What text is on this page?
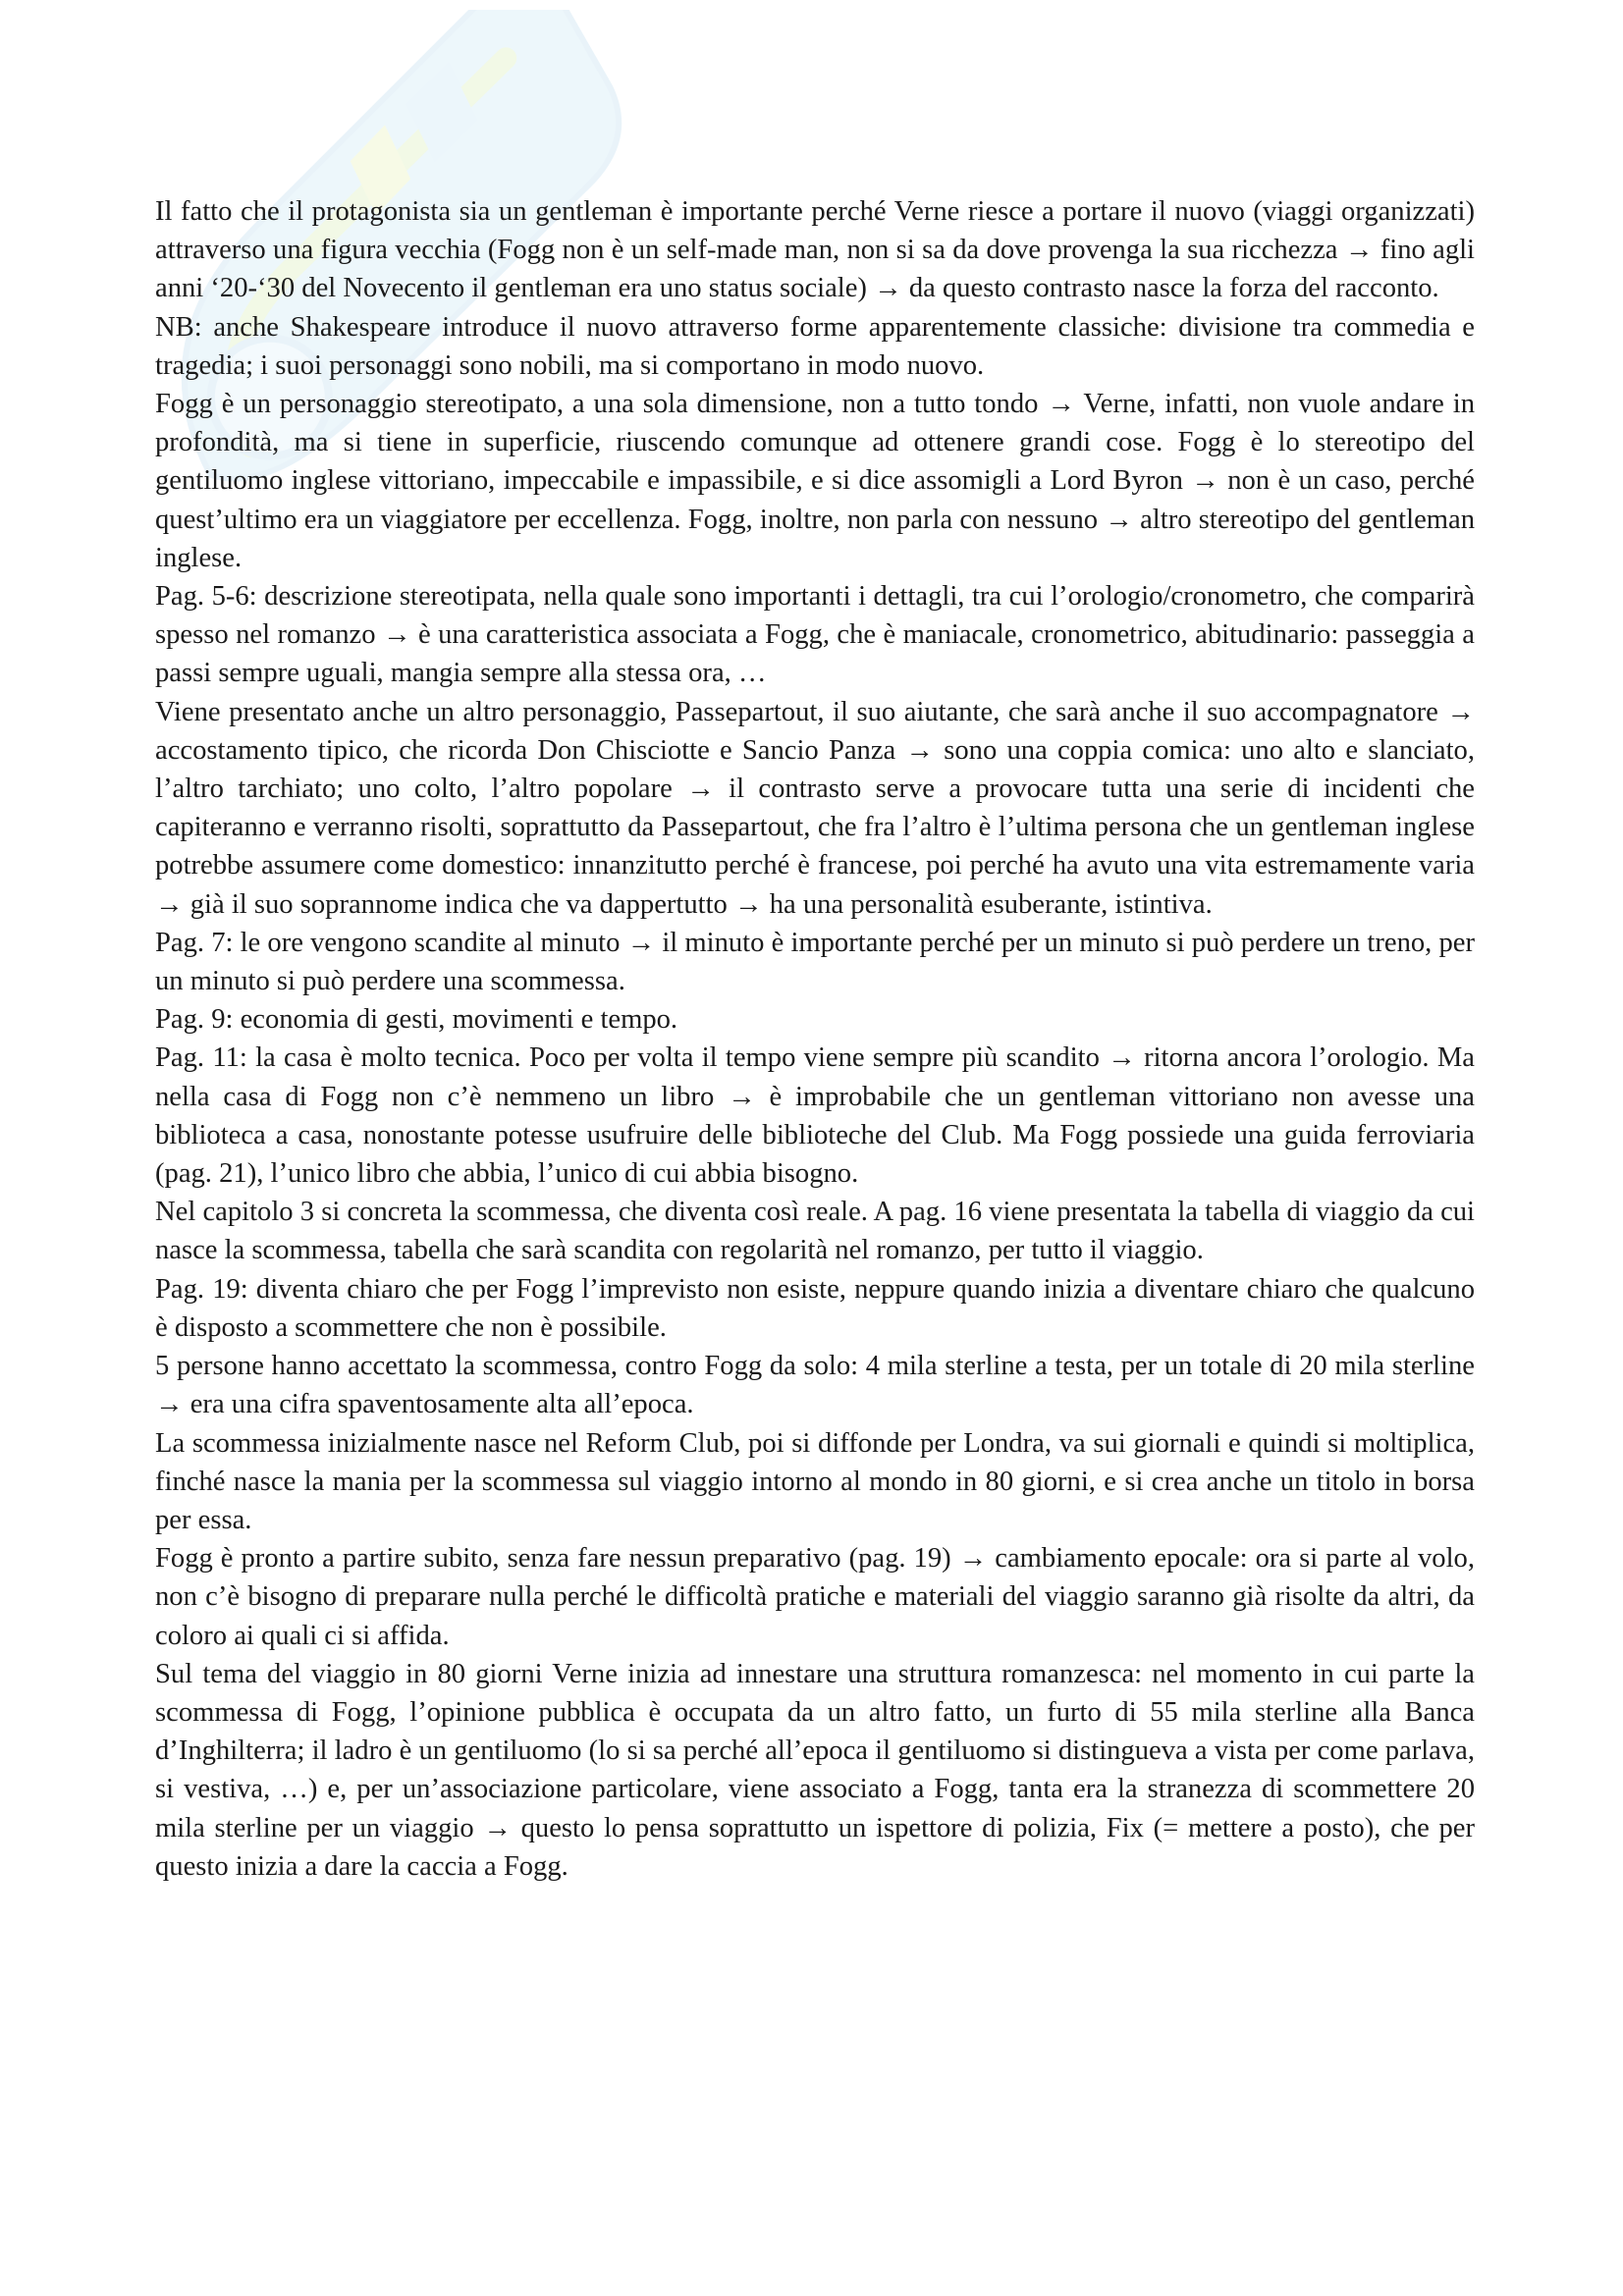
Il fatto che il protagonista sia un gentleman è importante perché Verne riesce a portare il nuovo (viaggi organizzati) attraverso una figura vecchia (Fogg non è un self-made man, non si sa da dove provenga la sua ricchezza → fino agli anni ‘20-‘30 del Novecento il gentleman era uno status sociale) → da questo contrasto nasce la forza del racconto.

NB: anche Shakespeare introduce il nuovo attraverso forme apparentemente classiche: divisione tra commedia e tragedia; i suoi personaggi sono nobili, ma si comportano in modo nuovo.

Fogg è un personaggio stereotipato, a una sola dimensione, non a tutto tondo → Verne, infatti, non vuole andare in profondità, ma si tiene in superficie, riuscendo comunque ad ottenere grandi cose. Fogg è lo stereotipo del gentiluomo inglese vittoriano, impeccabile e impassibile, e si dice assomigli a Lord Byron → non è un caso, perché quest’ultimo era un viaggiatore per eccellenza. Fogg, inoltre, non parla con nessuno → altro stereotipo del gentleman inglese.

Pag. 5-6: descrizione stereotipata, nella quale sono importanti i dettagli, tra cui l’orologio/cronometro, che comparirà spesso nel romanzo → è una caratteristica associata a Fogg, che è maniacale, cronometrico, abitudinario: passeggia a passi sempre uguali, mangia sempre alla stessa ora, …

Viene presentato anche un altro personaggio, Passepartout, il suo aiutante, che sarà anche il suo accompagnatore → accostamento tipico, che ricorda Don Chisciotte e Sancio Panza → sono una coppia comica: uno alto e slanciato, l’altro tarchiato; uno colto, l’altro popolare → il contrasto serve a provocare tutta una serie di incidenti che capiteranno e verranno risolti, soprattutto da Passepartout, che fra l’altro è l’ultima persona che un gentleman inglese potrebbe assumere come domestico: innanzitutto perché è francese, poi perché ha avuto una vita estremamente varia → già il suo soprannome indica che va dappertutto → ha una personalità esuberante, istintiva.

Pag. 7: le ore vengono scandite al minuto → il minuto è importante perché per un minuto si può perdere un treno, per un minuto si può perdere una scommessa.

Pag. 9: economia di gesti, movimenti e tempo.

Pag. 11: la casa è molto tecnica. Poco per volta il tempo viene sempre più scandito → ritorna ancora l’orologio. Ma nella casa di Fogg non c’è nemmeno un libro → è improbabile che un gentleman vittoriano non avesse una biblioteca a casa, nonostante potesse usufruire delle biblioteche del Club. Ma Fogg possiede una guida ferroviaria (pag. 21), l’unico libro che abbia, l’unico di cui abbia bisogno.

Nel capitolo 3 si concreta la scommessa, che diventa così reale. A pag. 16 viene presentata la tabella di viaggio da cui nasce la scommessa, tabella che sarà scandita con regolarità nel romanzo, per tutto il viaggio.

Pag. 19: diventa chiaro che per Fogg l’imprevisto non esiste, neppure quando inizia a diventare chiaro che qualcuno è disposto a scommettere che non è possibile.

5 persone hanno accettato la scommessa, contro Fogg da solo: 4 mila sterline a testa, per un totale di 20 mila sterline → era una cifra spaventosamente alta all’epoca.

La scommessa inizialmente nasce nel Reform Club, poi si diffonde per Londra, va sui giornali e quindi si moltiplica, finché nasce la mania per la scommessa sul viaggio intorno al mondo in 80 giorni, e si crea anche un titolo in borsa per essa.

Fogg è pronto a partire subito, senza fare nessun preparativo (pag. 19) → cambiamento epocale: ora si parte al volo, non c’è bisogno di preparare nulla perché le difficoltà pratiche e materiali del viaggio saranno già risolte da altri, da coloro ai quali ci si affida.

Sul tema del viaggio in 80 giorni Verne inizia ad innestare una struttura romanzesca: nel momento in cui parte la scommessa di Fogg, l’opinione pubblica è occupata da un altro fatto, un furto di 55 mila sterline alla Banca d’Inghilterra; il ladro è un gentiluomo (lo si sa perché all’epoca il gentiluomo si distingueva a vista per come parlava, si vestiva, …) e, per un’associazione particolare, viene associato a Fogg, tanta era la stranezza di scommettere 20 mila sterline per un viaggio → questo lo pensa soprattutto un ispettore di polizia, Fix (= mettere a posto), che per questo inizia a dare la caccia a Fogg.
